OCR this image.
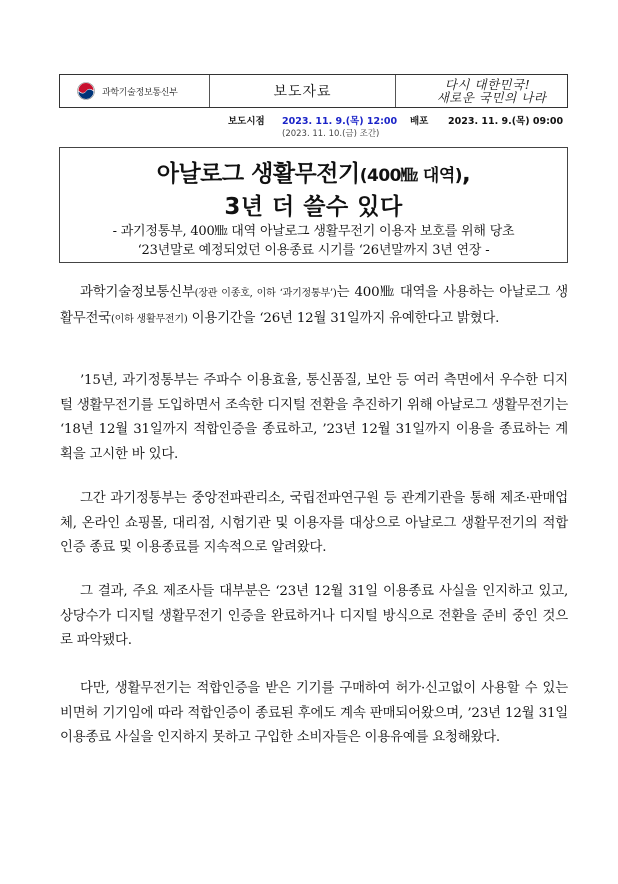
과학기술정보통신부	보도자료	다시 대한민국!
새로운 국민의 나라
보도시점 2023. 11. 9.(목) 12:00
(2023. 11. 10.(금) 조간)
배포 2023. 11. 9.(목) 09:00
아날로그 생활무전기(400㎒ 대역),
3년 더 쓸수 있다
- 과기정통부, 400㎒ 대역 아날로그 생활무전기 이용자 보호를 위해 당초
‘23년말로 예정되었던 이용종료 시기를 ‘26년말까지 3년 연장 -

과학기술정보통신부(장관 이종호, 이하 ‘과기정통부’)는 400㎒ 대역을 사용하는 아날로그 생활무전국(이하 생활무전기) 이용기간을 ‘26년 12월 31일까지 유예한다고 밝혔다.

’15년, 과기정통부는 주파수 이용효율, 통신품질, 보안 등 여러 측면에서 우수한 디지털 생활무전기를 도입하면서 조속한 디지털 전환을 추진하기 위해 아날로그 생활무전기는 ‘18년 12월 31일까지 적합인증을 종료하고, ’23년 12월 31일까지 이용을 종료하는 계획을 고시한 바 있다.

그간 과기정통부는 중앙전파관리소, 국립전파연구원 등 관계기관을 통해 제조·판매업체, 온라인 쇼핑몰, 대리점, 시험기관 및 이용자를 대상으로 아날로그 생활무전기의 적합인증 종료 및 이용종료를 지속적으로 알려왔다.

그 결과, 주요 제조사들 대부분은 ‘23년 12월 31일 이용종료 사실을 인지하고 있고, 상당수가 디지털 생활무전기 인증을 완료하거나 디지털 방식으로 전환을 준비 중인 것으로 파악됐다.

다만, 생활무전기는 적합인증을 받은 기기를 구매하여 허가·신고없이 사용할 수 있는 비면허 기기임에 따라 적합인증이 종료된 후에도 계속 판매되어왔으며, ’23년 12월 31일 이용종료 사실을 인지하지 못하고 구입한 소비자들은 이용유예를 요청해왔다.
